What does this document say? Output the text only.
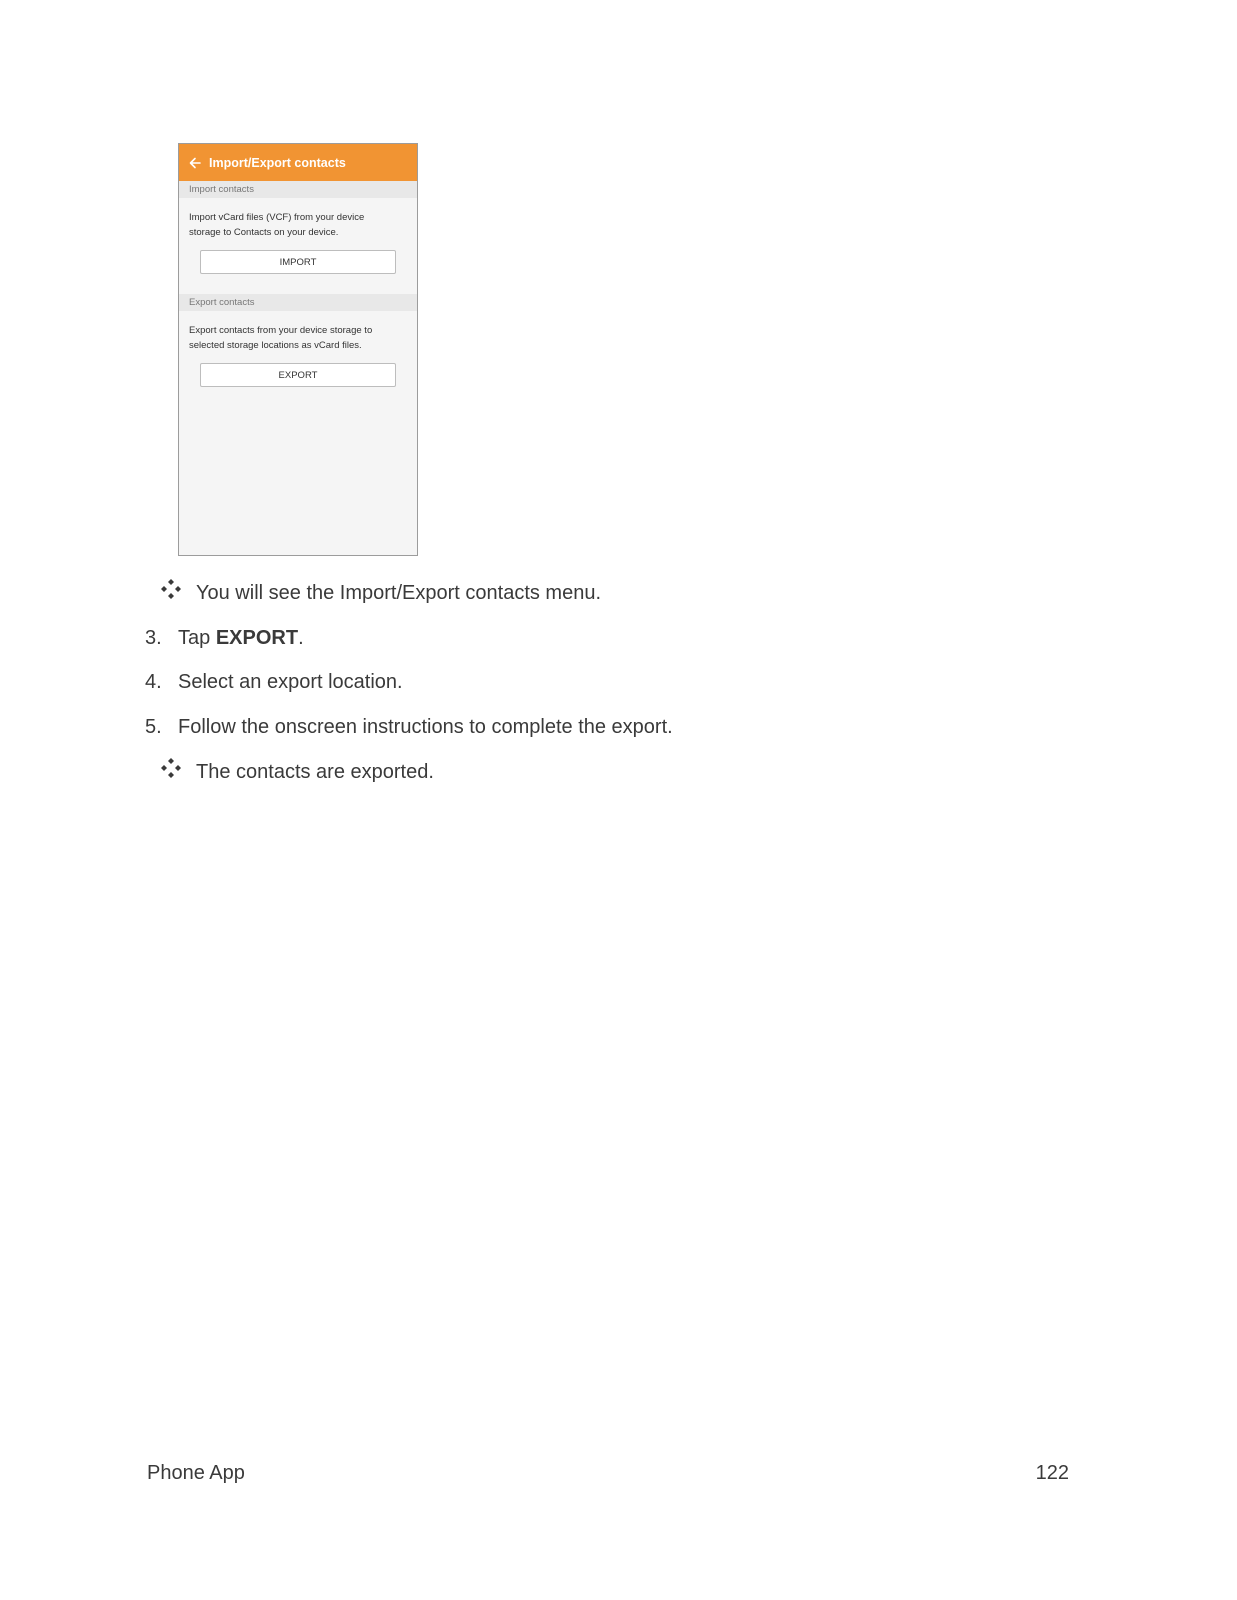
Import/Export contacts
Import contacts

Import vCard files (VCF) from your device
storage to Contacts on your device.

IMPORT
Export contacts

Export contacts from your device storage to
selected storage locations as vCard files.

EXPORT
You will see the Import/Export contacts menu.
3. Tap EXPORT.
4. Select an export location.
5. Follow the onscreen instructions to complete the export.
The contacts are exported.
Phone App	122
